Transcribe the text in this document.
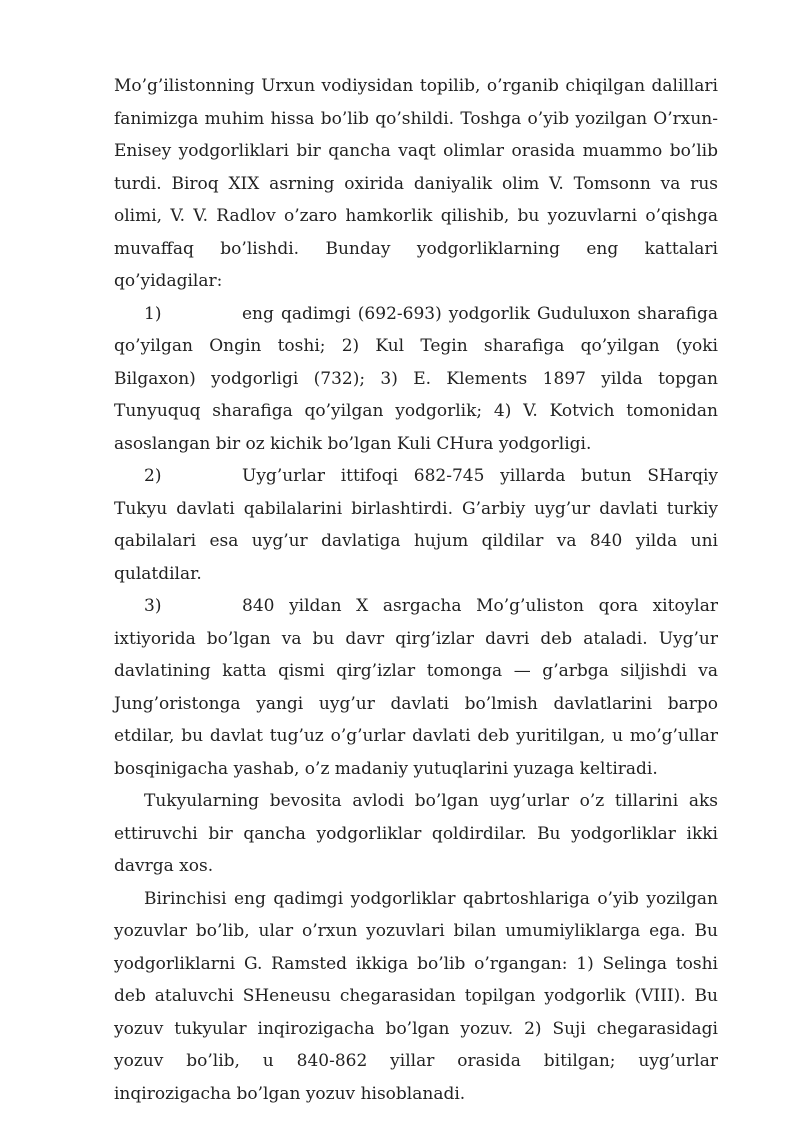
Mo’g’ilistonning Urxun vodiysidan topilib, o’rganib chiqilgan dalillari fanimizga muhim hissa bo’lib qo’shildi. Toshga o’yib yozilgan O’rxun-Enisey yodgorliklari bir qancha vaqt olimlar orasida muammo bo’lib turdi. Biroq XIX asrning oxirida daniyalik olim V. Tomsonn va rus olimi, V. V. Radlov o’zaro hamkorlik qilishib, bu yozuvlarni o’qishga muvaffaq bo’lishdi. Bunday yodgorliklarning eng kattalari qo’yidagilar:

1)	eng qadimgi (692-693) yodgorlik Guduluxon sharafiga qo’yilgan Ongin toshi; 2) Kul Tegin sharafiga qo’yilgan (yoki Bilgaxon) yodgorligi (732); 3) E. Klements 1897 yilda topgan Tunyuquq sharafiga qo’yilgan yodgorlik; 4) V. Kotvich tomonidan asoslangan bir oz kichik bo’lgan Kuli CHura yodgorligi.

2)	Uyg’urlar ittifoqi 682-745 yillarda butun SHarqiy Tukyu davlati qabilalarini birlashtirdi. G’arbiy uyg’ur davlati turkiy qabilalari esa uyg’ur davlatiga hujum qildilar va 840 yilda uni qulatdilar.

3)	840 yildan X asrgacha Mo’g’uliston qora xitoylar ixtiyorida bo’lgan va bu davr qirg’izlar davri deb ataladi. Uyg’ur davlatining katta qismi qirg’izlar tomonga — g’arbga siljishdi va Jung’oristonga yangi uyg’ur davlati bo’lmish davlatlarini barpo etdilar, bu davlat tug’uz o’g’urlar davlati deb yuritilgan, u mo’g’ullar bosqinigacha yashab, o’z madaniy yutuqlarini yuzaga keltiradi.

Tukyularning bevosita avlodi bo’lgan uyg’urlar o’z tillarini aks ettiruvchi bir qancha yodgorliklar qoldirdilar. Bu yodgorliklar ikki davrga xos.

Birinchisi eng qadimgi yodgorliklar qabrtoshlariga o’yib yozilgan yozuvlar bo’lib, ular o’rxun yozuvlari bilan umumiyliklarga ega. Bu yodgorliklarni G. Ramsted ikkiga bo’lib o’rgangan: 1) Selinga toshi deb ataluvchi SHeneusu chegarasidan topilgan yodgorlik (VIII). Bu yozuv tukyular inqirozigacha bo’lgan yozuv. 2) Suji chegarasidagi yozuv bo’lib, u 840-862 yillar orasida bitilgan; uyg’urlar inqirozigacha bo’lgan yozuv hisoblanadi.
